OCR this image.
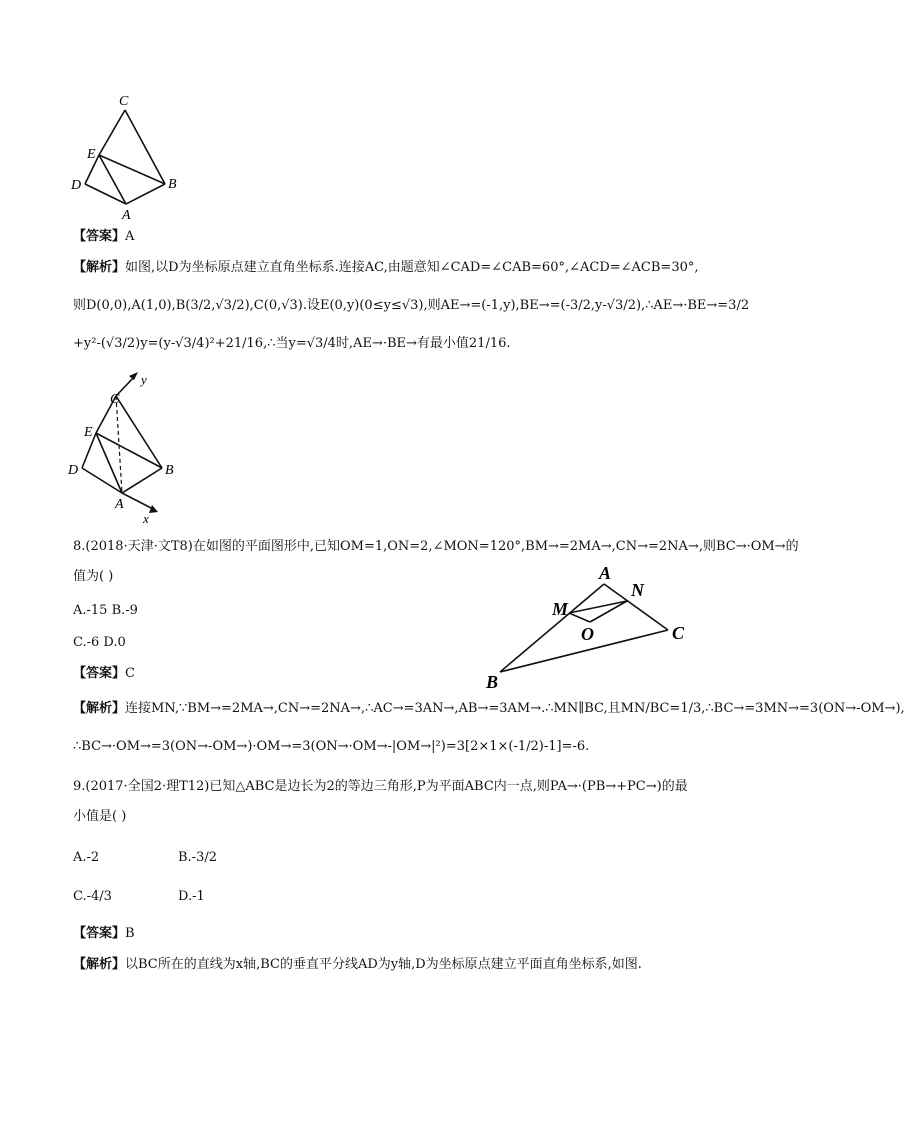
C
E
D	B
A
【答案】A
【解析】如图,以D为坐标原点建立直角坐标系.连接AC,由题意知∠CAD=∠CAB=60°,∠ACD=∠ACB=30°,
则D(0,0),A(1,0),B(3/2,√3/2),C(0,√3).设E(0,y)(0≤y≤√3),则AE→=(-1,y),BE→=(-3/2,y-√3/2),∴AE→·BE→=3/2
+y²-(√3/2)y=(y-√3/4)²+21/16,∴当y=√3/4时,AE→·BE→有最小值21/16.
y
C
E
D	B
A
x
8.(2018·天津·文T8)在如图的平面图形中,已知OM=1,ON=2,∠MON=120°,BM→=2MA→,CN→=2NA→,则BC→·OM→的
值为( )
A.-15 B.-9
C.-6 D.0
【答案】C
【解析】连接MN,∵BM→=2MA→,CN→=2NA→,∴AC→=3AN→,AB→=3AM→.∴MN∥BC,且MN/BC=1/3,∴BC→=3MN→=3(ON→-OM→),
∴BC→·OM→=3(ON→-OM→)·OM→=3(ON→·OM→-|OM→|²)=3[2×1×(-1/2)-1]=-6.
A
N
M
O	C
B
9.(2017·全国2·理T12)已知△ABC是边长为2的等边三角形,P为平面ABC内一点,则PA→·(PB→+PC→)的最
小值是( )
A.-2	B.-3/2
C.-4/3	D.-1
【答案】B
【解析】以BC所在的直线为x轴,BC的垂直平分线AD为y轴,D为坐标原点建立平面直角坐标系,如图.
